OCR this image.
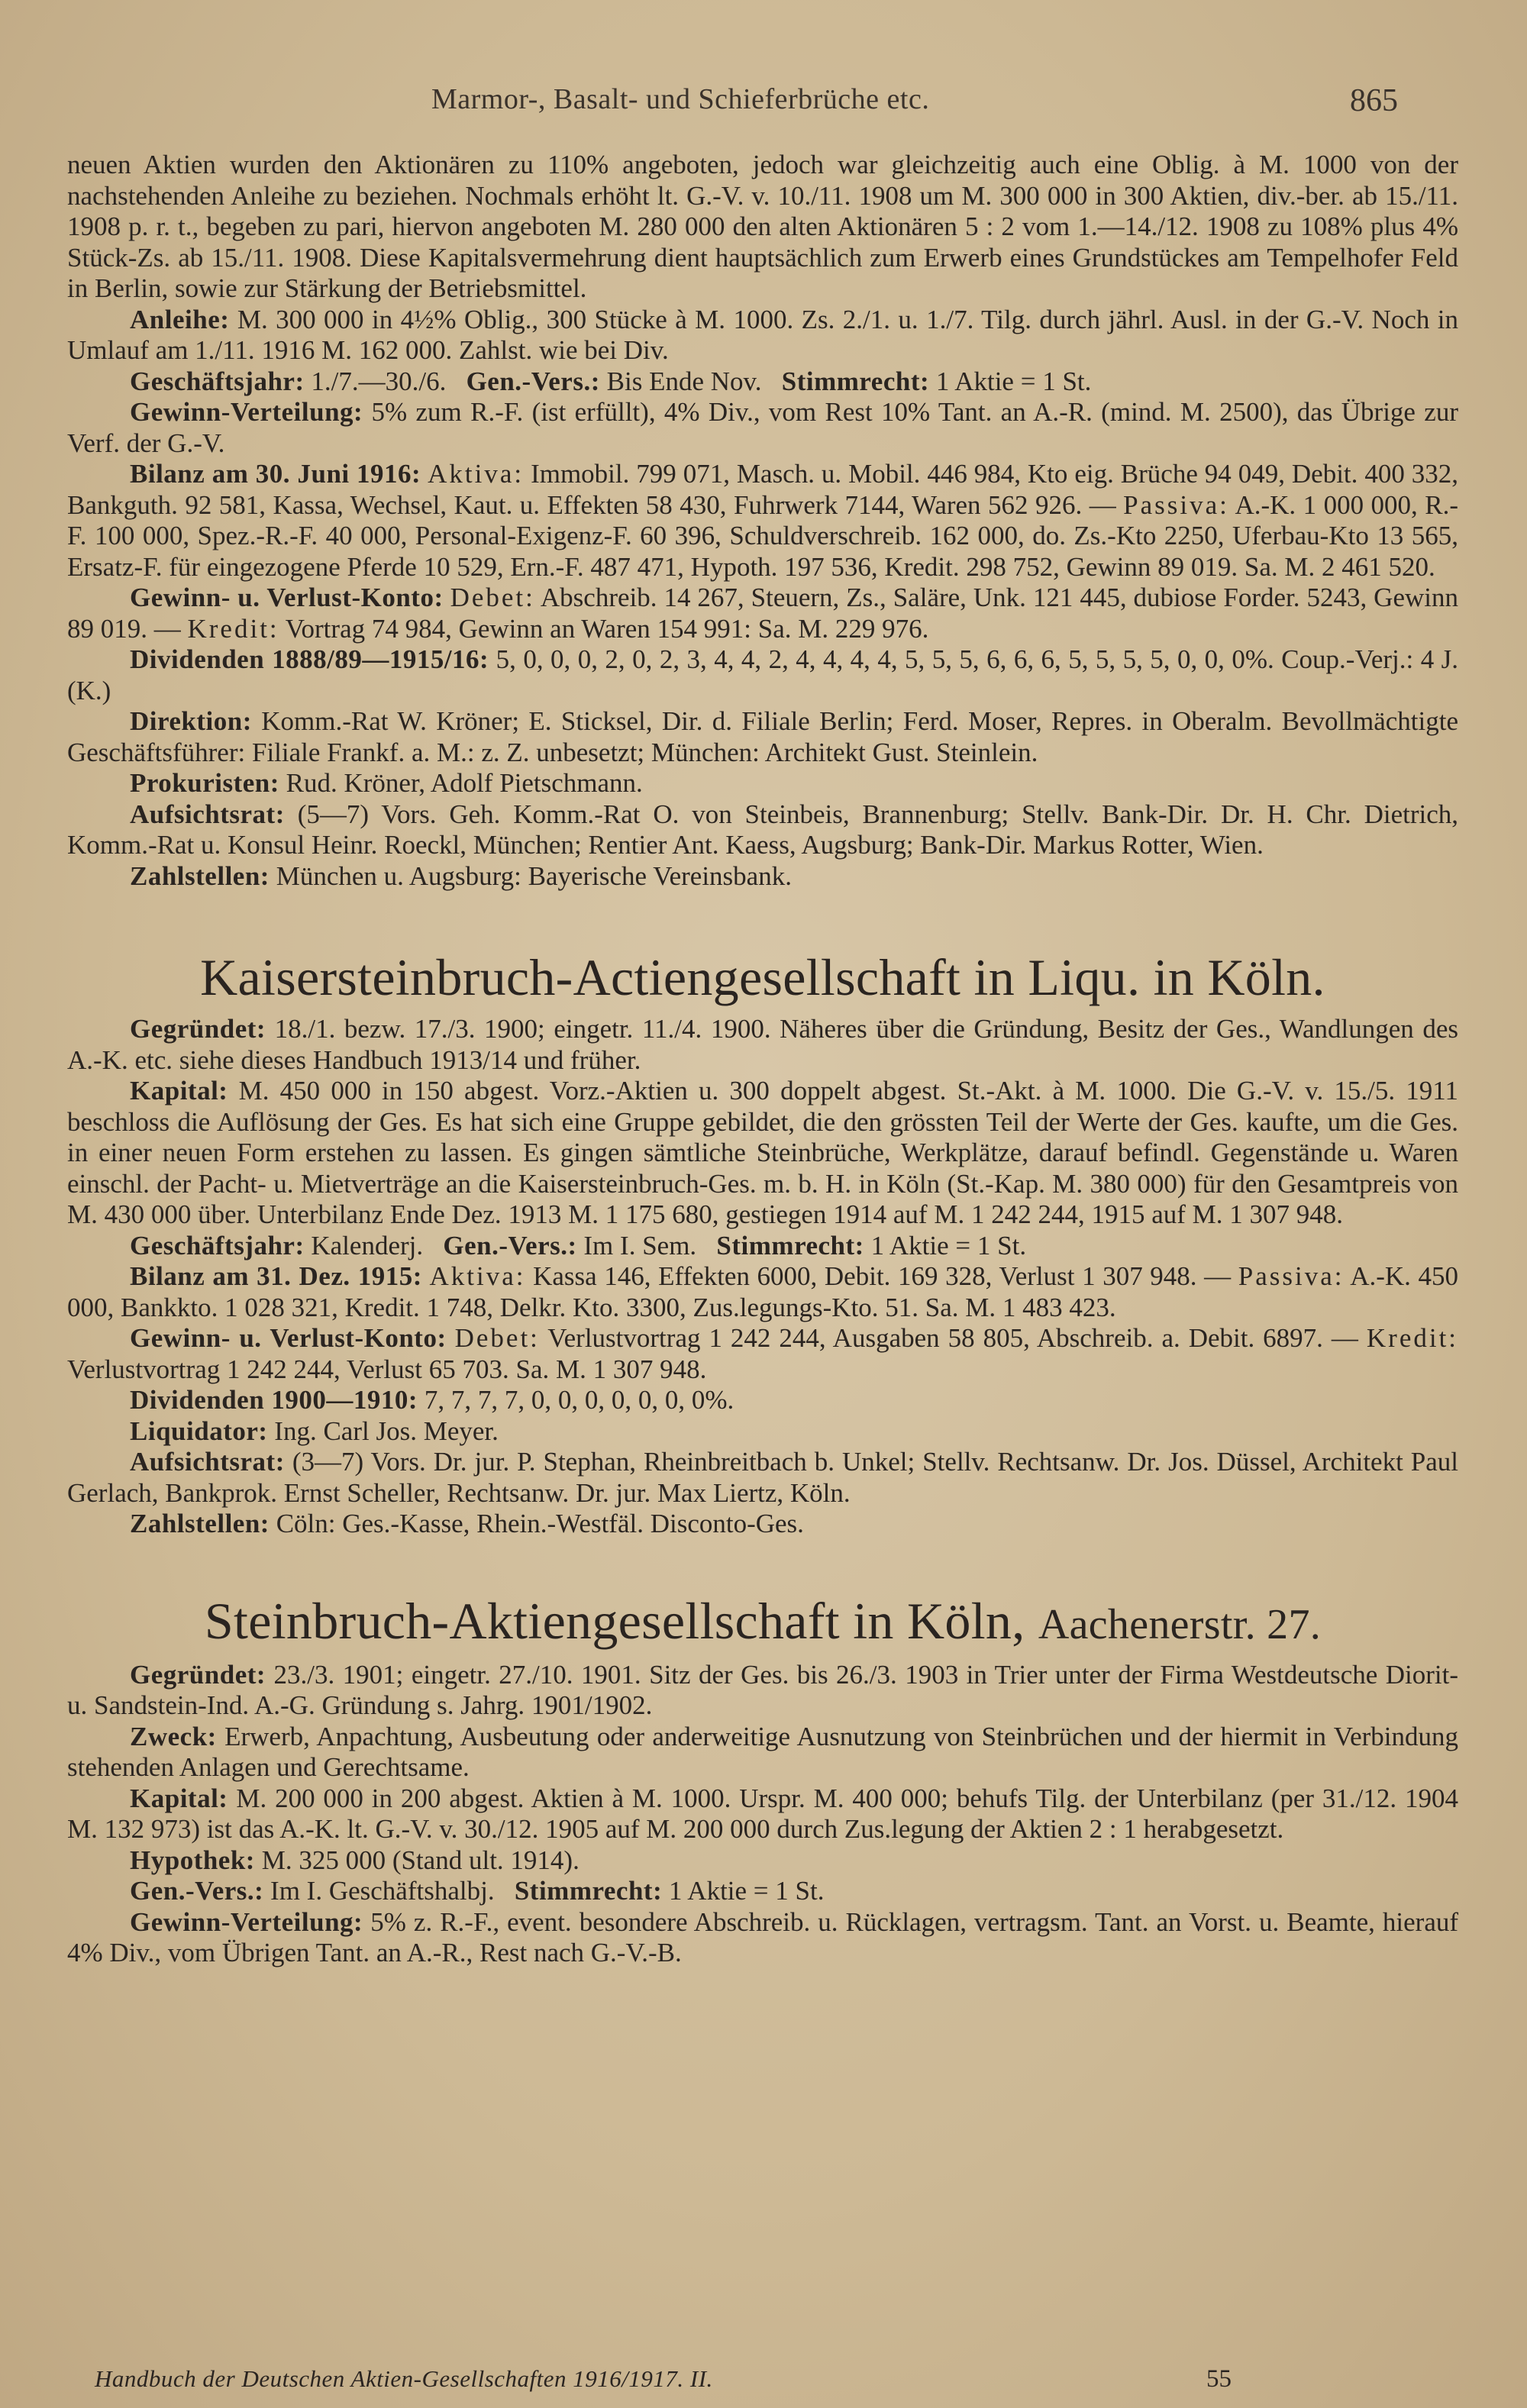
Marmor-, Basalt- und Schieferbrüche etc.	865

neuen Aktien wurden den Aktionären zu 110% angeboten, jedoch war gleichzeitig auch eine Oblig. à M. 1000 von der nachstehenden Anleihe zu beziehen. Nochmals erhöht lt. G.-V. v. 10./11. 1908 um M. 300 000 in 300 Aktien, div.-ber. ab 15./11. 1908 p. r. t., begeben zu pari, hiervon angeboten M. 280 000 den alten Aktionären 5 : 2 vom 1.—14./12. 1908 zu 108% plus 4% Stück-Zs. ab 15./11. 1908. Diese Kapitalsvermehrung dient hauptsächlich zum Erwerb eines Grundstückes am Tempelhofer Feld in Berlin, sowie zur Stärkung der Betriebsmittel.

Anleihe: M. 300 000 in 4½% Oblig., 300 Stücke à M. 1000. Zs. 2./1. u. 1./7. Tilg. durch jährl. Ausl. in der G.-V. Noch in Umlauf am 1./11. 1916 M. 162 000. Zahlst. wie bei Div.

Geschäftsjahr: 1./7.—30./6. Gen.-Vers.: Bis Ende Nov. Stimmrecht: 1 Aktie = 1 St.

Gewinn-Verteilung: 5% zum R.-F. (ist erfüllt), 4% Div., vom Rest 10% Tant. an A.-R. (mind. M. 2500), das Übrige zur Verf. der G.-V.

Bilanz am 30. Juni 1916: Aktiva: Immobil. 799 071, Masch. u. Mobil. 446 984, Kto eig. Brüche 94 049, Debit. 400 332, Bankguth. 92 581, Kassa, Wechsel, Kaut. u. Effekten 58 430, Fuhrwerk 7144, Waren 562 926. — Passiva: A.-K. 1 000 000, R.-F. 100 000, Spez.-R.-F. 40 000, Personal-Exigenz-F. 60 396, Schuldverschreib. 162 000, do. Zs.-Kto 2250, Uferbau-Kto 13 565, Ersatz-F. für eingezogene Pferde 10 529, Ern.-F. 487 471, Hypoth. 197 536, Kredit. 298 752, Gewinn 89 019. Sa. M. 2 461 520.

Gewinn- u. Verlust-Konto: Debet: Abschreib. 14 267, Steuern, Zs., Saläre, Unk. 121 445, dubiose Forder. 5243, Gewinn 89 019. — Kredit: Vortrag 74 984, Gewinn an Waren 154 991: Sa. M. 229 976.

Dividenden 1888/89—1915/16: 5, 0, 0, 0, 2, 0, 2, 3, 4, 4, 2, 4, 4, 4, 4, 5, 5, 5, 6, 6, 6, 5, 5, 5, 5, 0, 0, 0%. Coup.-Verj.: 4 J. (K.)

Direktion: Komm.-Rat W. Kröner; E. Sticksel, Dir. d. Filiale Berlin; Ferd. Moser, Repres. in Oberalm. Bevollmächtigte Geschäftsführer: Filiale Frankf. a. M.: z. Z. unbesetzt; München: Architekt Gust. Steinlein.

Prokuristen: Rud. Kröner, Adolf Pietschmann.

Aufsichtsrat: (5—7) Vors. Geh. Komm.-Rat O. von Steinbeis, Brannenburg; Stellv. Bank-Dir. Dr. H. Chr. Dietrich, Komm.-Rat u. Konsul Heinr. Roeckl, München; Rentier Ant. Kaess, Augsburg; Bank-Dir. Markus Rotter, Wien.

Zahlstellen: München u. Augsburg: Bayerische Vereinsbank.

Kaisersteinbruch-Actiengesellschaft in Liqu. in Köln.

Gegründet: 18./1. bezw. 17./3. 1900; eingetr. 11./4. 1900. Näheres über die Gründung, Besitz der Ges., Wandlungen des A.-K. etc. siehe dieses Handbuch 1913/14 und früher.

Kapital: M. 450 000 in 150 abgest. Vorz.-Aktien u. 300 doppelt abgest. St.-Akt. à M. 1000. Die G.-V. v. 15./5. 1911 beschloss die Auflösung der Ges. Es hat sich eine Gruppe gebildet, die den grössten Teil der Werte der Ges. kaufte, um die Ges. in einer neuen Form erstehen zu lassen. Es gingen sämtliche Steinbrüche, Werkplätze, darauf befindl. Gegenstände u. Waren einschl. der Pacht- u. Mietverträge an die Kaisersteinbruch-Ges. m. b. H. in Köln (St.-Kap. M. 380 000) für den Gesamtpreis von M. 430 000 über. Unterbilanz Ende Dez. 1913 M. 1 175 680, gestiegen 1914 auf M. 1 242 244, 1915 auf M. 1 307 948.

Geschäftsjahr: Kalenderj. Gen.-Vers.: Im I. Sem. Stimmrecht: 1 Aktie = 1 St.

Bilanz am 31. Dez. 1915: Aktiva: Kassa 146, Effekten 6000, Debit. 169 328, Verlust 1 307 948. — Passiva: A.-K. 450 000, Bankkto. 1 028 321, Kredit. 1 748, Delkr. Kto. 3300, Zus.legungs-Kto. 51. Sa. M. 1 483 423.

Gewinn- u. Verlust-Konto: Debet: Verlustvortrag 1 242 244, Ausgaben 58 805, Abschreib. a. Debit. 6897. — Kredit: Verlustvortrag 1 242 244, Verlust 65 703. Sa. M. 1 307 948.

Dividenden 1900—1910: 7, 7, 7, 7, 0, 0, 0, 0, 0, 0, 0%.

Liquidator: Ing. Carl Jos. Meyer.

Aufsichtsrat: (3—7) Vors. Dr. jur. P. Stephan, Rheinbreitbach b. Unkel; Stellv. Rechtsanw. Dr. Jos. Düssel, Architekt Paul Gerlach, Bankprok. Ernst Scheller, Rechtsanw. Dr. jur. Max Liertz, Köln.

Zahlstellen: Cöln: Ges.-Kasse, Rhein.-Westfäl. Disconto-Ges.

Steinbruch-Aktiengesellschaft in Köln, Aachenerstr. 27.

Gegründet: 23./3. 1901; eingetr. 27./10. 1901. Sitz der Ges. bis 26./3. 1903 in Trier unter der Firma Westdeutsche Diorit- u. Sandstein-Ind. A.-G. Gründung s. Jahrg. 1901/1902.

Zweck: Erwerb, Anpachtung, Ausbeutung oder anderweitige Ausnutzung von Steinbrüchen und der hiermit in Verbindung stehenden Anlagen und Gerechtsame.

Kapital: M. 200 000 in 200 abgest. Aktien à M. 1000. Urspr. M. 400 000; behufs Tilg. der Unterbilanz (per 31./12. 1904 M. 132 973) ist das A.-K. lt. G.-V. v. 30./12. 1905 auf M. 200 000 durch Zus.legung der Aktien 2 : 1 herabgesetzt.

Hypothek: M. 325 000 (Stand ult. 1914).

Gen.-Vers.: Im I. Geschäftshalbj. Stimmrecht: 1 Aktie = 1 St.

Gewinn-Verteilung: 5% z. R.-F., event. besondere Abschreib. u. Rücklagen, vertragsm. Tant. an Vorst. u. Beamte, hierauf 4% Div., vom Übrigen Tant. an A.-R., Rest nach G.-V.-B.

Handbuch der Deutschen Aktien-Gesellschaften 1916/1917. II.	55
